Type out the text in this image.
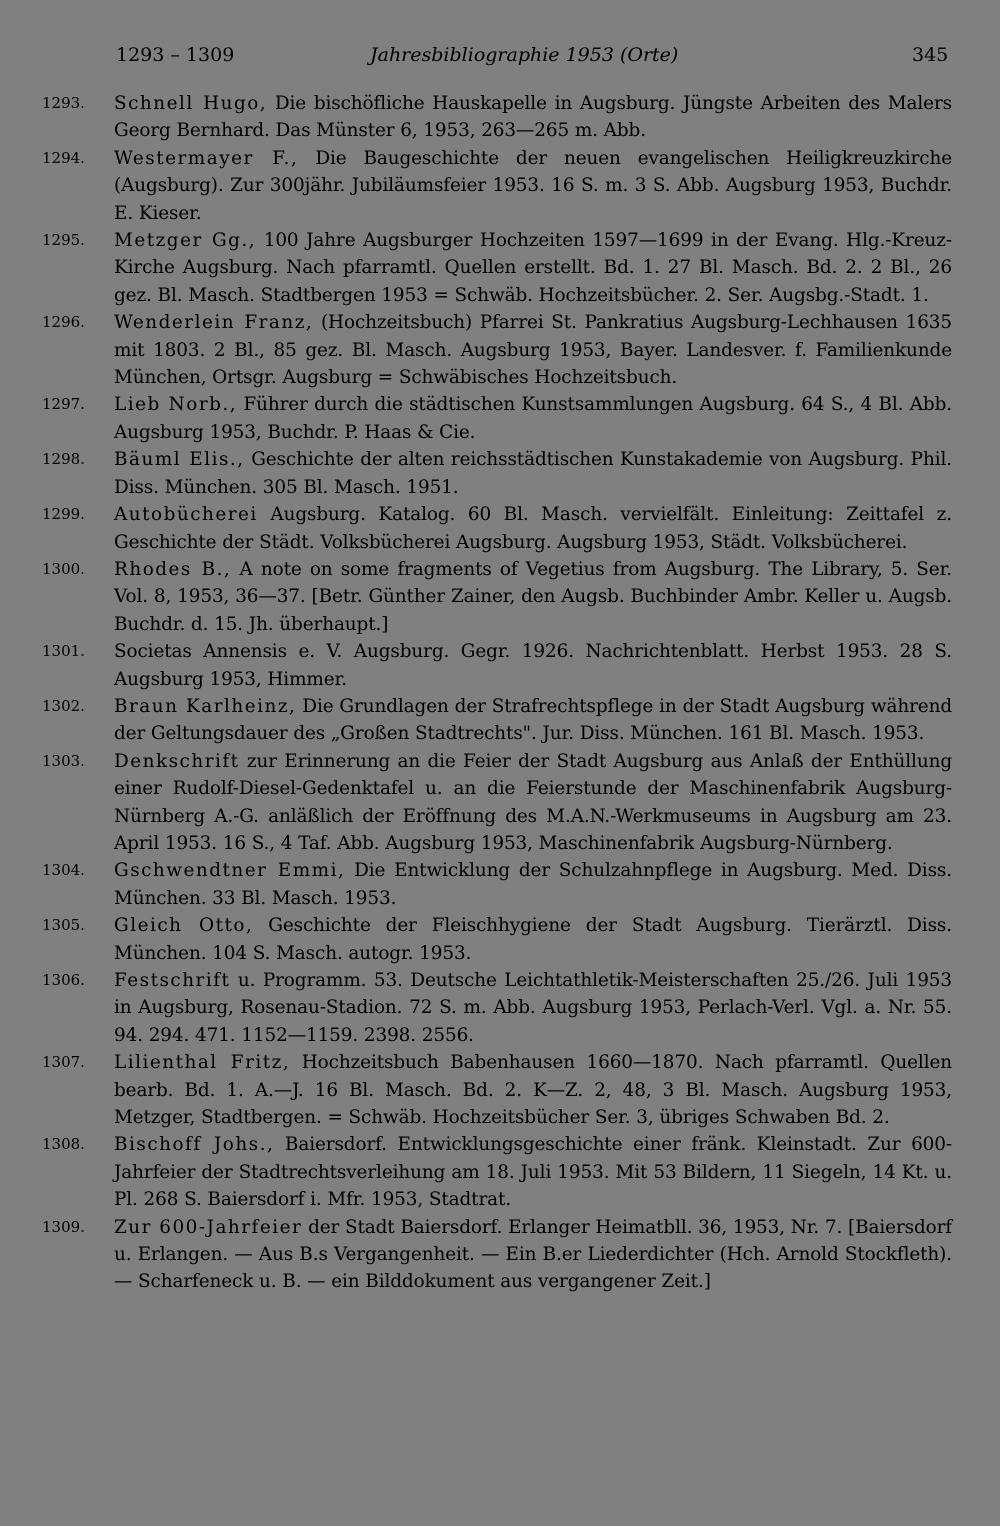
1293 – 1309	Jahresbibliographie 1953 (Orte)	345
1293.	Schnell Hugo, Die bischöfliche Hauskapelle in Augsburg. Jüngste Arbeiten des Malers Georg Bernhard. Das Münster 6, 1953, 263—265 m. Abb.
1294.	Westermayer F., Die Baugeschichte der neuen evangelischen Heiligkreuzkirche (Augsburg). Zur 300jähr. Jubiläumsfeier 1953. 16 S. m. 3 S. Abb. Augsburg 1953, Buchdr. E. Kieser.
1295.	Metzger Gg., 100 Jahre Augsburger Hochzeiten 1597—1699 in der Evang. Hlg.-Kreuz-Kirche Augsburg. Nach pfarramtl. Quellen erstellt. Bd. 1. 27 Bl. Masch. Bd. 2. 2 Bl., 26 gez. Bl. Masch. Stadtbergen 1953 = Schwäb. Hochzeitsbücher. 2. Ser. Augsbg.-Stadt. 1.
1296.	Wenderlein Franz, (Hochzeitsbuch) Pfarrei St. Pankratius Augsburg-Lechhausen 1635 mit 1803. 2 Bl., 85 gez. Bl. Masch. Augsburg 1953, Bayer. Landesver. f. Familienkunde München, Ortsgr. Augsburg = Schwäbisches Hochzeitsbuch.
1297.	Lieb Norb., Führer durch die städtischen Kunstsammlungen Augsburg. 64 S., 4 Bl. Abb. Augsburg 1953, Buchdr. P. Haas & Cie.
1298.	Bäuml Elis., Geschichte der alten reichsstädtischen Kunstakademie von Augsburg. Phil. Diss. München. 305 Bl. Masch. 1951.
1299.	Autobücherei Augsburg. Katalog. 60 Bl. Masch. vervielfält. Einleitung: Zeittafel z. Geschichte der Städt. Volksbücherei Augsburg. Augsburg 1953, Städt. Volksbücherei.
1300.	Rhodes B., A note on some fragments of Vegetius from Augsburg. The Library, 5. Ser. Vol. 8, 1953, 36—37. [Betr. Günther Zainer, den Augsb. Buchbinder Ambr. Keller u. Augsb. Buchdr. d. 15. Jh. überhaupt.]
1301.	Societas Annensis e. V. Augsburg. Gegr. 1926. Nachrichtenblatt. Herbst 1953. 28 S. Augsburg 1953, Himmer.
1302.	Braun Karlheinz, Die Grundlagen der Strafrechtspflege in der Stadt Augsburg während der Geltungsdauer des „Großen Stadtrechts". Jur. Diss. München. 161 Bl. Masch. 1953.
1303.	Denkschrift zur Erinnerung an die Feier der Stadt Augsburg aus Anlaß der Enthüllung einer Rudolf-Diesel-Gedenktafel u. an die Feierstunde der Maschinenfabrik Augsburg-Nürnberg A.-G. anläßlich der Eröffnung des M.A.N.-Werkmuseums in Augsburg am 23. April 1953. 16 S., 4 Taf. Abb. Augsburg 1953, Maschinenfabrik Augsburg-Nürnberg.
1304.	Gschwendtner Emmi, Die Entwicklung der Schulzahnpflege in Augsburg. Med. Diss. München. 33 Bl. Masch. 1953.
1305.	Gleich Otto, Geschichte der Fleischhygiene der Stadt Augsburg. Tierärztl. Diss. München. 104 S. Masch. autogr. 1953.
1306.	Festschrift u. Programm. 53. Deutsche Leichtathletik-Meisterschaften 25./26. Juli 1953 in Augsburg, Rosenau-Stadion. 72 S. m. Abb. Augsburg 1953, Perlach-Verl. Vgl. a. Nr. 55. 94. 294. 471. 1152—1159. 2398. 2556.
1307.	Lilienthal Fritz, Hochzeitsbuch Babenhausen 1660—1870. Nach pfarramtl. Quellen bearb. Bd. 1. A.—J. 16 Bl. Masch. Bd. 2. K—Z. 2, 48, 3 Bl. Masch. Augsburg 1953, Metzger, Stadtbergen. = Schwäb. Hochzeitsbücher Ser. 3, übriges Schwaben Bd. 2.
1308.	Bischoff Johs., Baiersdorf. Entwicklungsgeschichte einer fränk. Kleinstadt. Zur 600-Jahrfeier der Stadtrechtsverleihung am 18. Juli 1953. Mit 53 Bildern, 11 Siegeln, 14 Kt. u. Pl. 268 S. Baiersdorf i. Mfr. 1953, Stadtrat.
1309.	Zur 600-Jahrfeier der Stadt Baiersdorf. Erlanger Heimatbll. 36, 1953, Nr. 7. [Baiersdorf u. Erlangen. — Aus B.s Vergangenheit. — Ein B.er Liederdichter (Hch. Arnold Stockfleth). — Scharfeneck u. B. — ein Bilddokument aus vergangener Zeit.]
